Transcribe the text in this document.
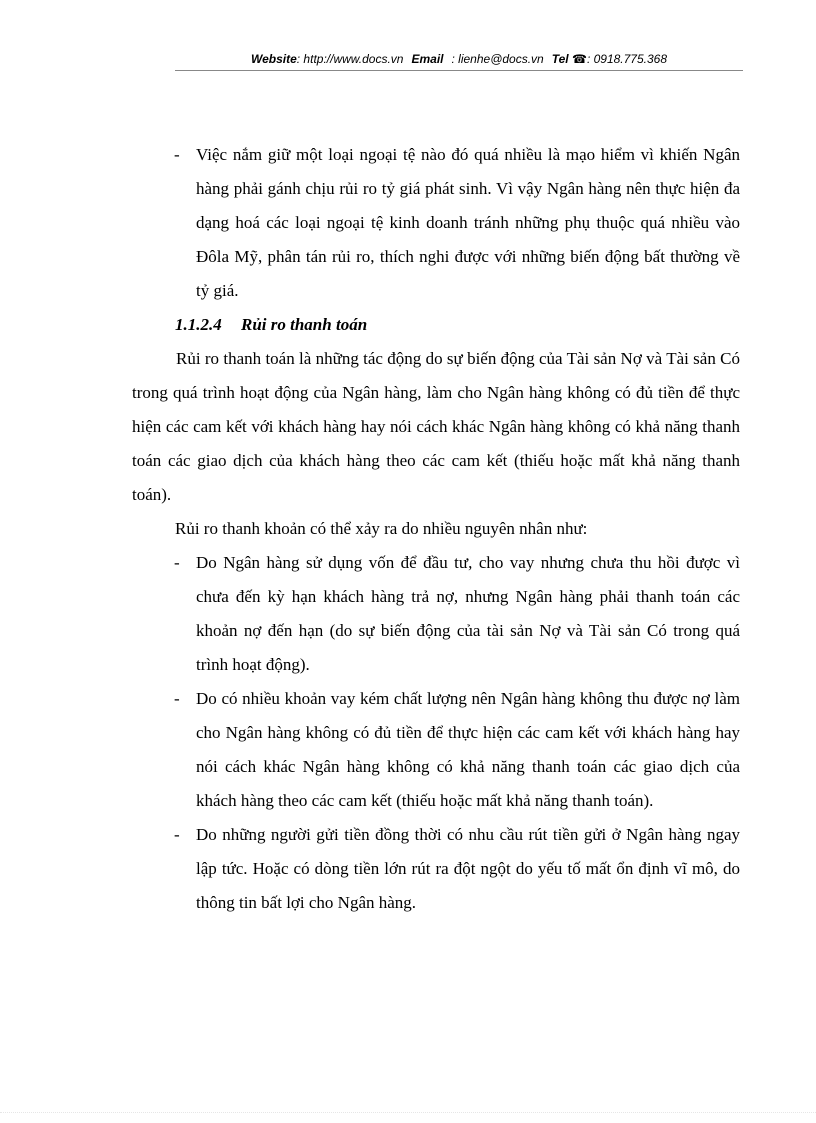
Website: http://www.docs.vn Email : lienhe@docs.vn Tel ☎: 0918.775.368

- Việc nắm giữ một loại ngoại tệ nào đó quá nhiều là mạo hiểm vì khiến Ngân hàng phải gánh chịu rủi ro tỷ giá phát sinh. Vì vậy Ngân hàng nên thực hiện đa dạng hoá các loại ngoại tệ kinh doanh tránh những phụ thuộc quá nhiều vào Đôla Mỹ, phân tán rủi ro, thích nghi được với những biến động bất thường về tỷ giá.

1.1.2.4 Rủi ro thanh toán

Rủi ro thanh toán là những tác động do sự biến động của Tài sản Nợ và Tài sản Có trong quá trình hoạt động của Ngân hàng, làm cho Ngân hàng không có đủ tiền để thực hiện các cam kết với khách hàng hay nói cách khác Ngân hàng không có khả năng thanh toán các giao dịch của khách hàng theo các cam kết (thiếu hoặc mất khả năng thanh toán).

Rủi ro thanh khoản có thể xảy ra do nhiều nguyên nhân như:

- Do Ngân hàng sử dụng vốn để đầu tư, cho vay nhưng chưa thu hồi được vì chưa đến kỳ hạn khách hàng trả nợ, nhưng Ngân hàng phải thanh toán các khoản nợ đến hạn (do sự biến động của tài sản Nợ và Tài sản Có trong quá trình hoạt động).

- Do có nhiều khoản vay kém chất lượng nên Ngân hàng không thu được nợ làm cho Ngân hàng không có đủ tiền để thực hiện các cam kết với khách hàng hay nói cách khác Ngân hàng không có khả năng thanh toán các giao dịch của khách hàng theo các cam kết (thiếu hoặc mất khả năng thanh toán).

- Do những người gửi tiền đồng thời có nhu cầu rút tiền gửi ở Ngân hàng ngay lập tức. Hoặc có dòng tiền lớn rút ra đột ngột do yếu tố mất ổn định vĩ mô, do thông tin bất lợi cho Ngân hàng.
